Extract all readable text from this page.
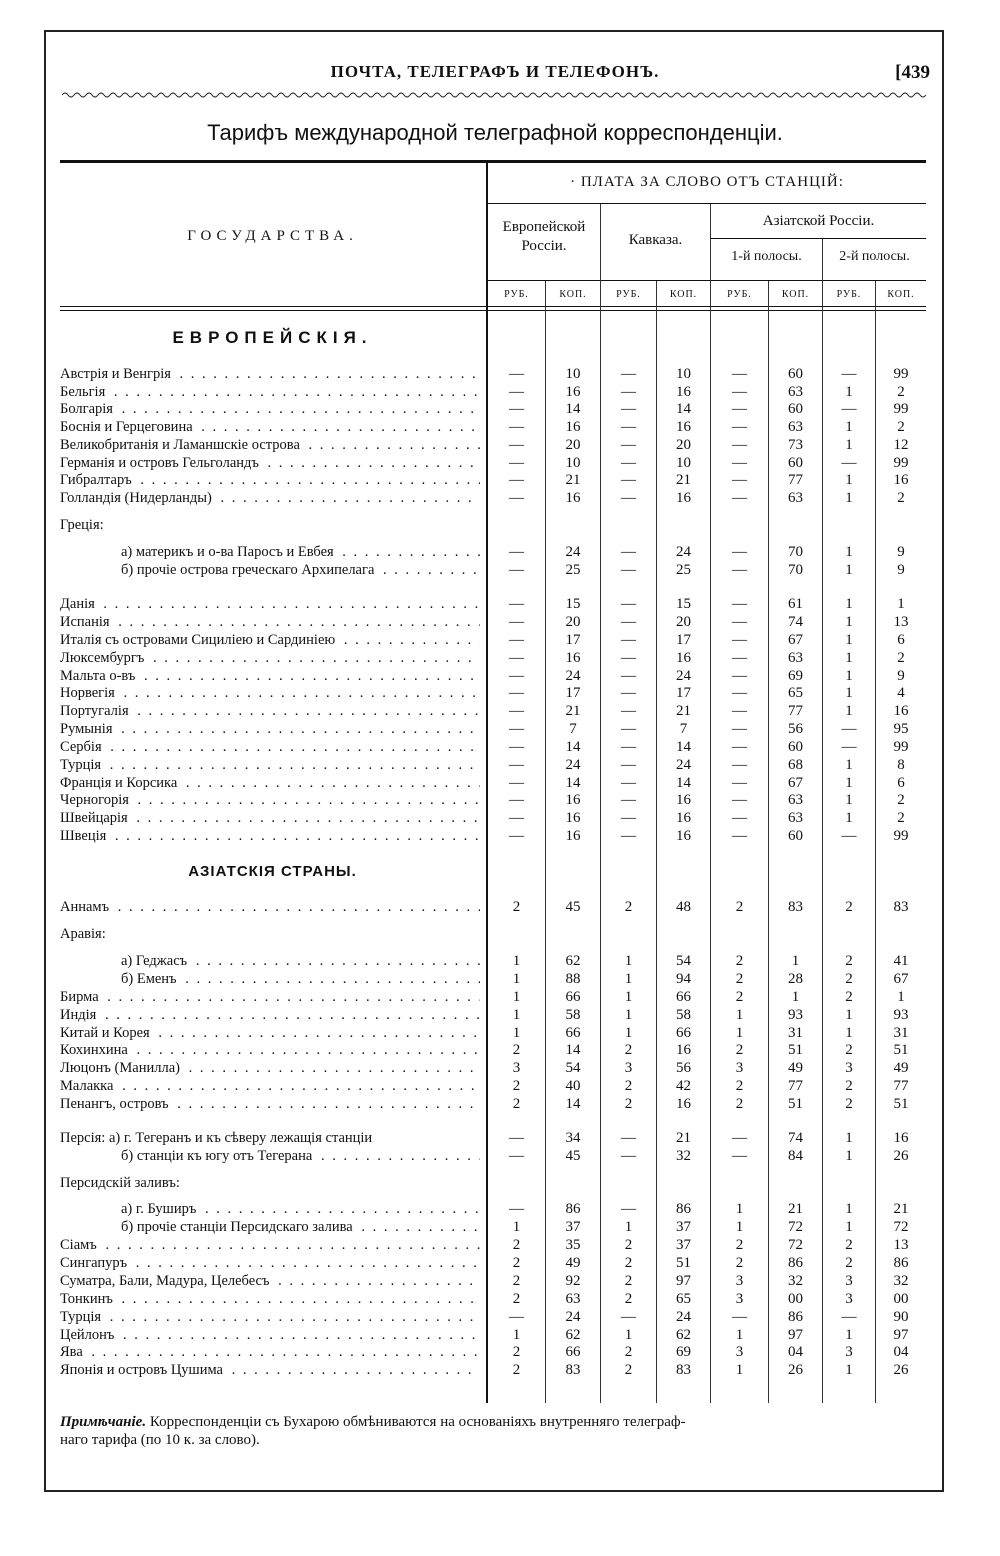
ПОЧТА, ТЕЛЕГРАФЪ И ТЕЛЕФОНЪ.	[439
Тарифъ международной телеграфной корреспонденціи.
ГОСУДАРСТВА.
· ПЛАТА ЗА СЛОВО ОТЪ СТАНЦІЙ:
Европейской
Россіи.	Кавказа.
Азіатской Россіи.
1-й полосы.	2-й полосы.
РУБ.	КОП.	РУБ.	КОП.	РУБ.	КОП.	РУБ.	КОП.
ЕВРОПЕЙСКІЯ.
АЗІАТСКІЯ СТРАНЫ.
Австрія и Венгрія . . .	—	10	—	10	—	60	—	99
Бельгія . . .	—	16	—	16	—	63	1	2
Болгарія . . .	—	14	—	14	—	60	—	99
Боснія и Герцеговина . . .	—	16	—	16	—	63	1	2
Великобританія и Ламаншскіе острова . . .	—	20	—	20	—	73	1	12
Германія и островъ Гельголандъ . . .	—	10	—	10	—	60	—	99
Гибралтаръ . . .	—	21	—	21	—	77	1	16
Голландія (Нидерланды) . . .	—	16	—	16	—	63	1	2
Греція:
а) материкъ и о-ва Паросъ и Евбея . . .	—	24	—	24	—	70	1	9
б) прочіе острова греческаго Архипелага . . .	—	25	—	25	—	70	1	9
Данія . . .	—	15	—	15	—	61	1	1
Испанія . . .	—	20	—	20	—	74	1	13
Италія съ островами Сициліею и Сардиніею . . .	—	17	—	17	—	67	1	6
Люксембургъ . . .	—	16	—	16	—	63	1	2
Мальта о-въ . . .	—	24	—	24	—	69	1	9
Норвегія . . .	—	17	—	17	—	65	1	4
Португалія . . .	—	21	—	21	—	77	1	16
Румынія . . .	—	7	—	7	—	56	—	95
Сербія . . .	—	14	—	14	—	60	—	99
Турція . . .	—	24	—	24	—	68	1	8
Франція и Корсика . . .	—	14	—	14	—	67	1	6
Черногорія . . .	—	16	—	16	—	63	1	2
Швейцарія . . .	—	16	—	16	—	63	1	2
Швеція . . .	—	16	—	16	—	60	—	99
Аннамъ . . .	2	45	2	48	2	83	2	83
Аравія:
а) Геджасъ . . .	1	62	1	54	2	1	2	41
б) Еменъ . . .	1	88	1	94	2	28	2	67
Бирма . . .	1	66	1	66	2	1	2	1
Индія . . .	1	58	1	58	1	93	1	93
Китай и Корея . . .	1	66	1	66	1	31	1	31
Кохинхина . . .	2	14	2	16	2	51	2	51
Люцонъ (Манилла) . . .	3	54	3	56	3	49	3	49
Малакка . . .	2	40	2	42	2	77	2	77
Пенангъ, островъ . . .	2	14	2	16	2	51	2	51
Персія: а) г. Тегеранъ и къ сѣверу лежащія станціи	—	34	—	21	—	74	1	16
б) станціи къ югу отъ Тегерана . . .	—	45	—	32	—	84	1	26
Персидскій заливъ:
а) г. Буширъ . . .	—	86	—	86	1	21	1	21
б) прочіе станціи Персидскаго залива . . .	1	37	1	37	1	72	1	72
Сіамъ . . .	2	35	2	37	2	72	2	13
Сингапуръ . . .	2	49	2	51	2	86	2	86
Суматра, Бали, Мадура, Целебесъ . . .	2	92	2	97	3	32	3	32
Тонкинъ . . .	2	63	2	65	3	00	3	00
Турція . . .	—	24	—	24	—	86	—	90
Цейлонъ . . .	1	62	1	62	1	97	1	97
Ява . . .	2	66	2	69	3	04	3	04
Японія и островъ Цушима . . .	2	83	2	83	1	26	1	26
Примѣчаніе. Корреспонденціи съ Бухарою обмѣниваются на основаніяхъ внутренняго телеграф-
наго тарифа (по 10 к. за слово).
